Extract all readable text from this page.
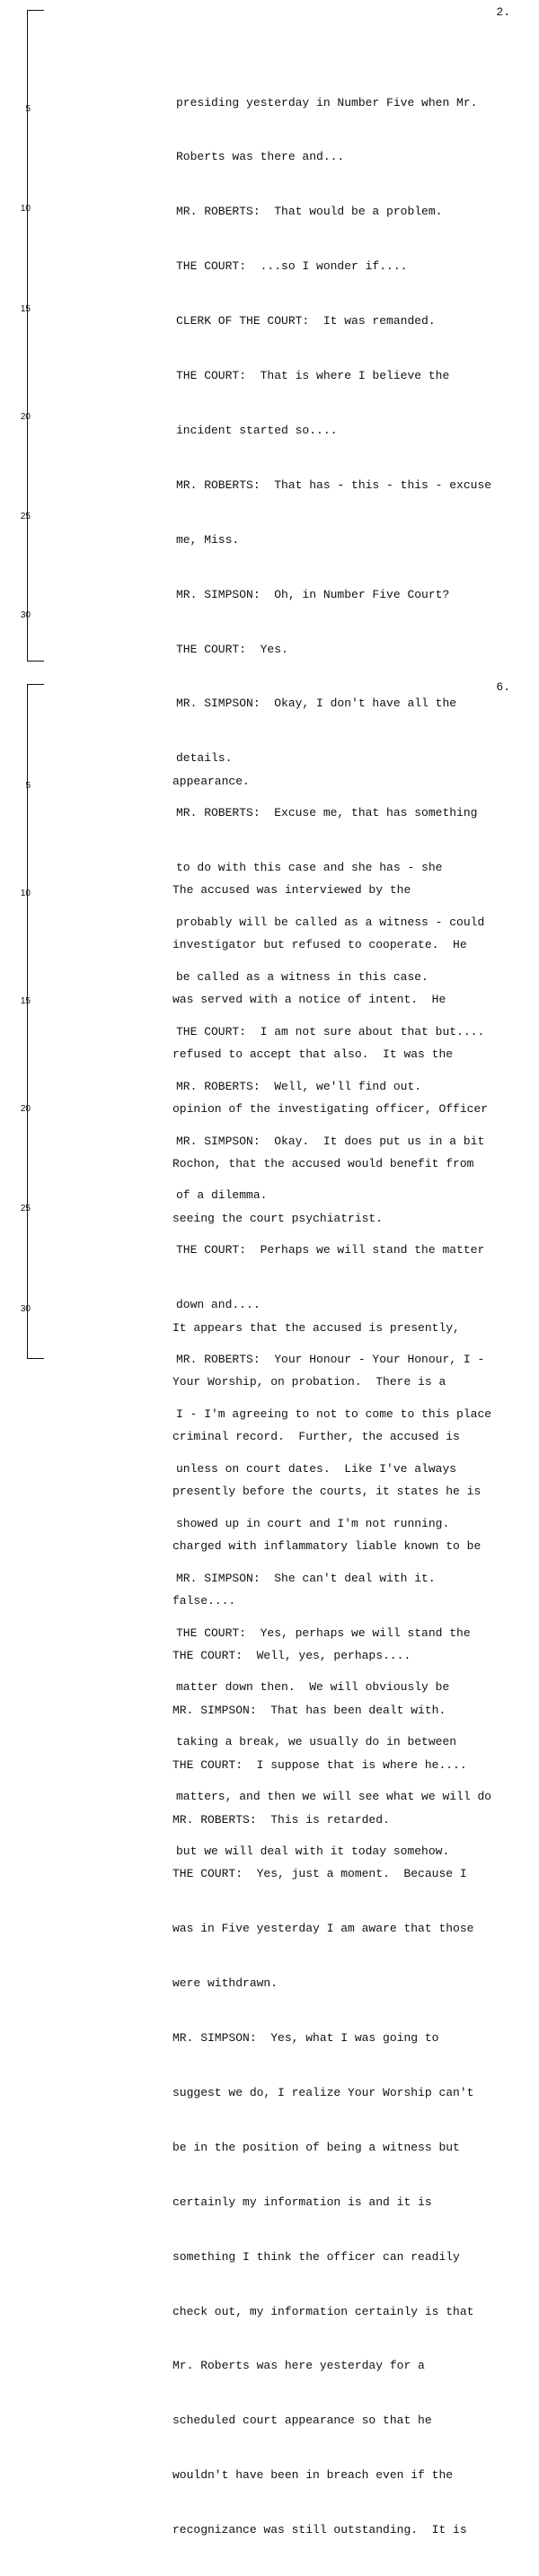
2.
5
10
15
20
25
30

presiding yesterday in Number Five when Mr.

Roberts was there and...

MR. ROBERTS:  That would be a problem.

THE COURT:  ...so I wonder if....

CLERK OF THE COURT:  It was remanded.

THE COURT:  That is where I believe the

incident started so....

MR. ROBERTS:  That has - this - this - excuse

me, Miss.

MR. SIMPSON:  Oh, in Number Five Court?

THE COURT:  Yes.

MR. SIMPSON:  Okay, I don't have all the

details.

MR. ROBERTS:  Excuse me, that has something

to do with this case and she has - she

probably will be called as a witness - could

be called as a witness in this case.

THE COURT:  I am not sure about that but....

MR. ROBERTS:  Well, we'll find out.

MR. SIMPSON:  Okay.  It does put us in a bit

of a dilemma.

THE COURT:  Perhaps we will stand the matter

down and....

MR. ROBERTS:  Your Honour - Your Honour, I -

I - I'm agreeing to not to come to this place

unless on court dates.  Like I've always

showed up in court and I'm not running.

MR. SIMPSON:  She can't deal with it.

THE COURT:  Yes, perhaps we will stand the

matter down then.  We will obviously be

taking a break, we usually do in between

matters, and then we will see what we will do

but we will deal with it today somehow.

6.
5
10
15
20
25
30

appearance.

The accused was interviewed by the

investigator but refused to cooperate.  He

was served with a notice of intent.  He

refused to accept that also.  It was the

opinion of the investigating officer, Officer

Rochon, that the accused would benefit from

seeing the court psychiatrist.

It appears that the accused is presently,

Your Worship, on probation.  There is a

criminal record.  Further, the accused is

presently before the courts, it states he is

charged with inflammatory liable known to be

false....

THE COURT:  Well, yes, perhaps....

MR. SIMPSON:  That has been dealt with.

THE COURT:  I suppose that is where he....

MR. ROBERTS:  This is retarded.

THE COURT:  Yes, just a moment.  Because I

was in Five yesterday I am aware that those

were withdrawn.

MR. SIMPSON:  Yes, what I was going to

suggest we do, I realize Your Worship can't

be in the position of being a witness but

certainly my information is and it is

something I think the officer can readily

check out, my information certainly is that

Mr. Roberts was here yesterday for a

scheduled court appearance so that he

wouldn't have been in breach even if the

recognizance was still outstanding.  It is
